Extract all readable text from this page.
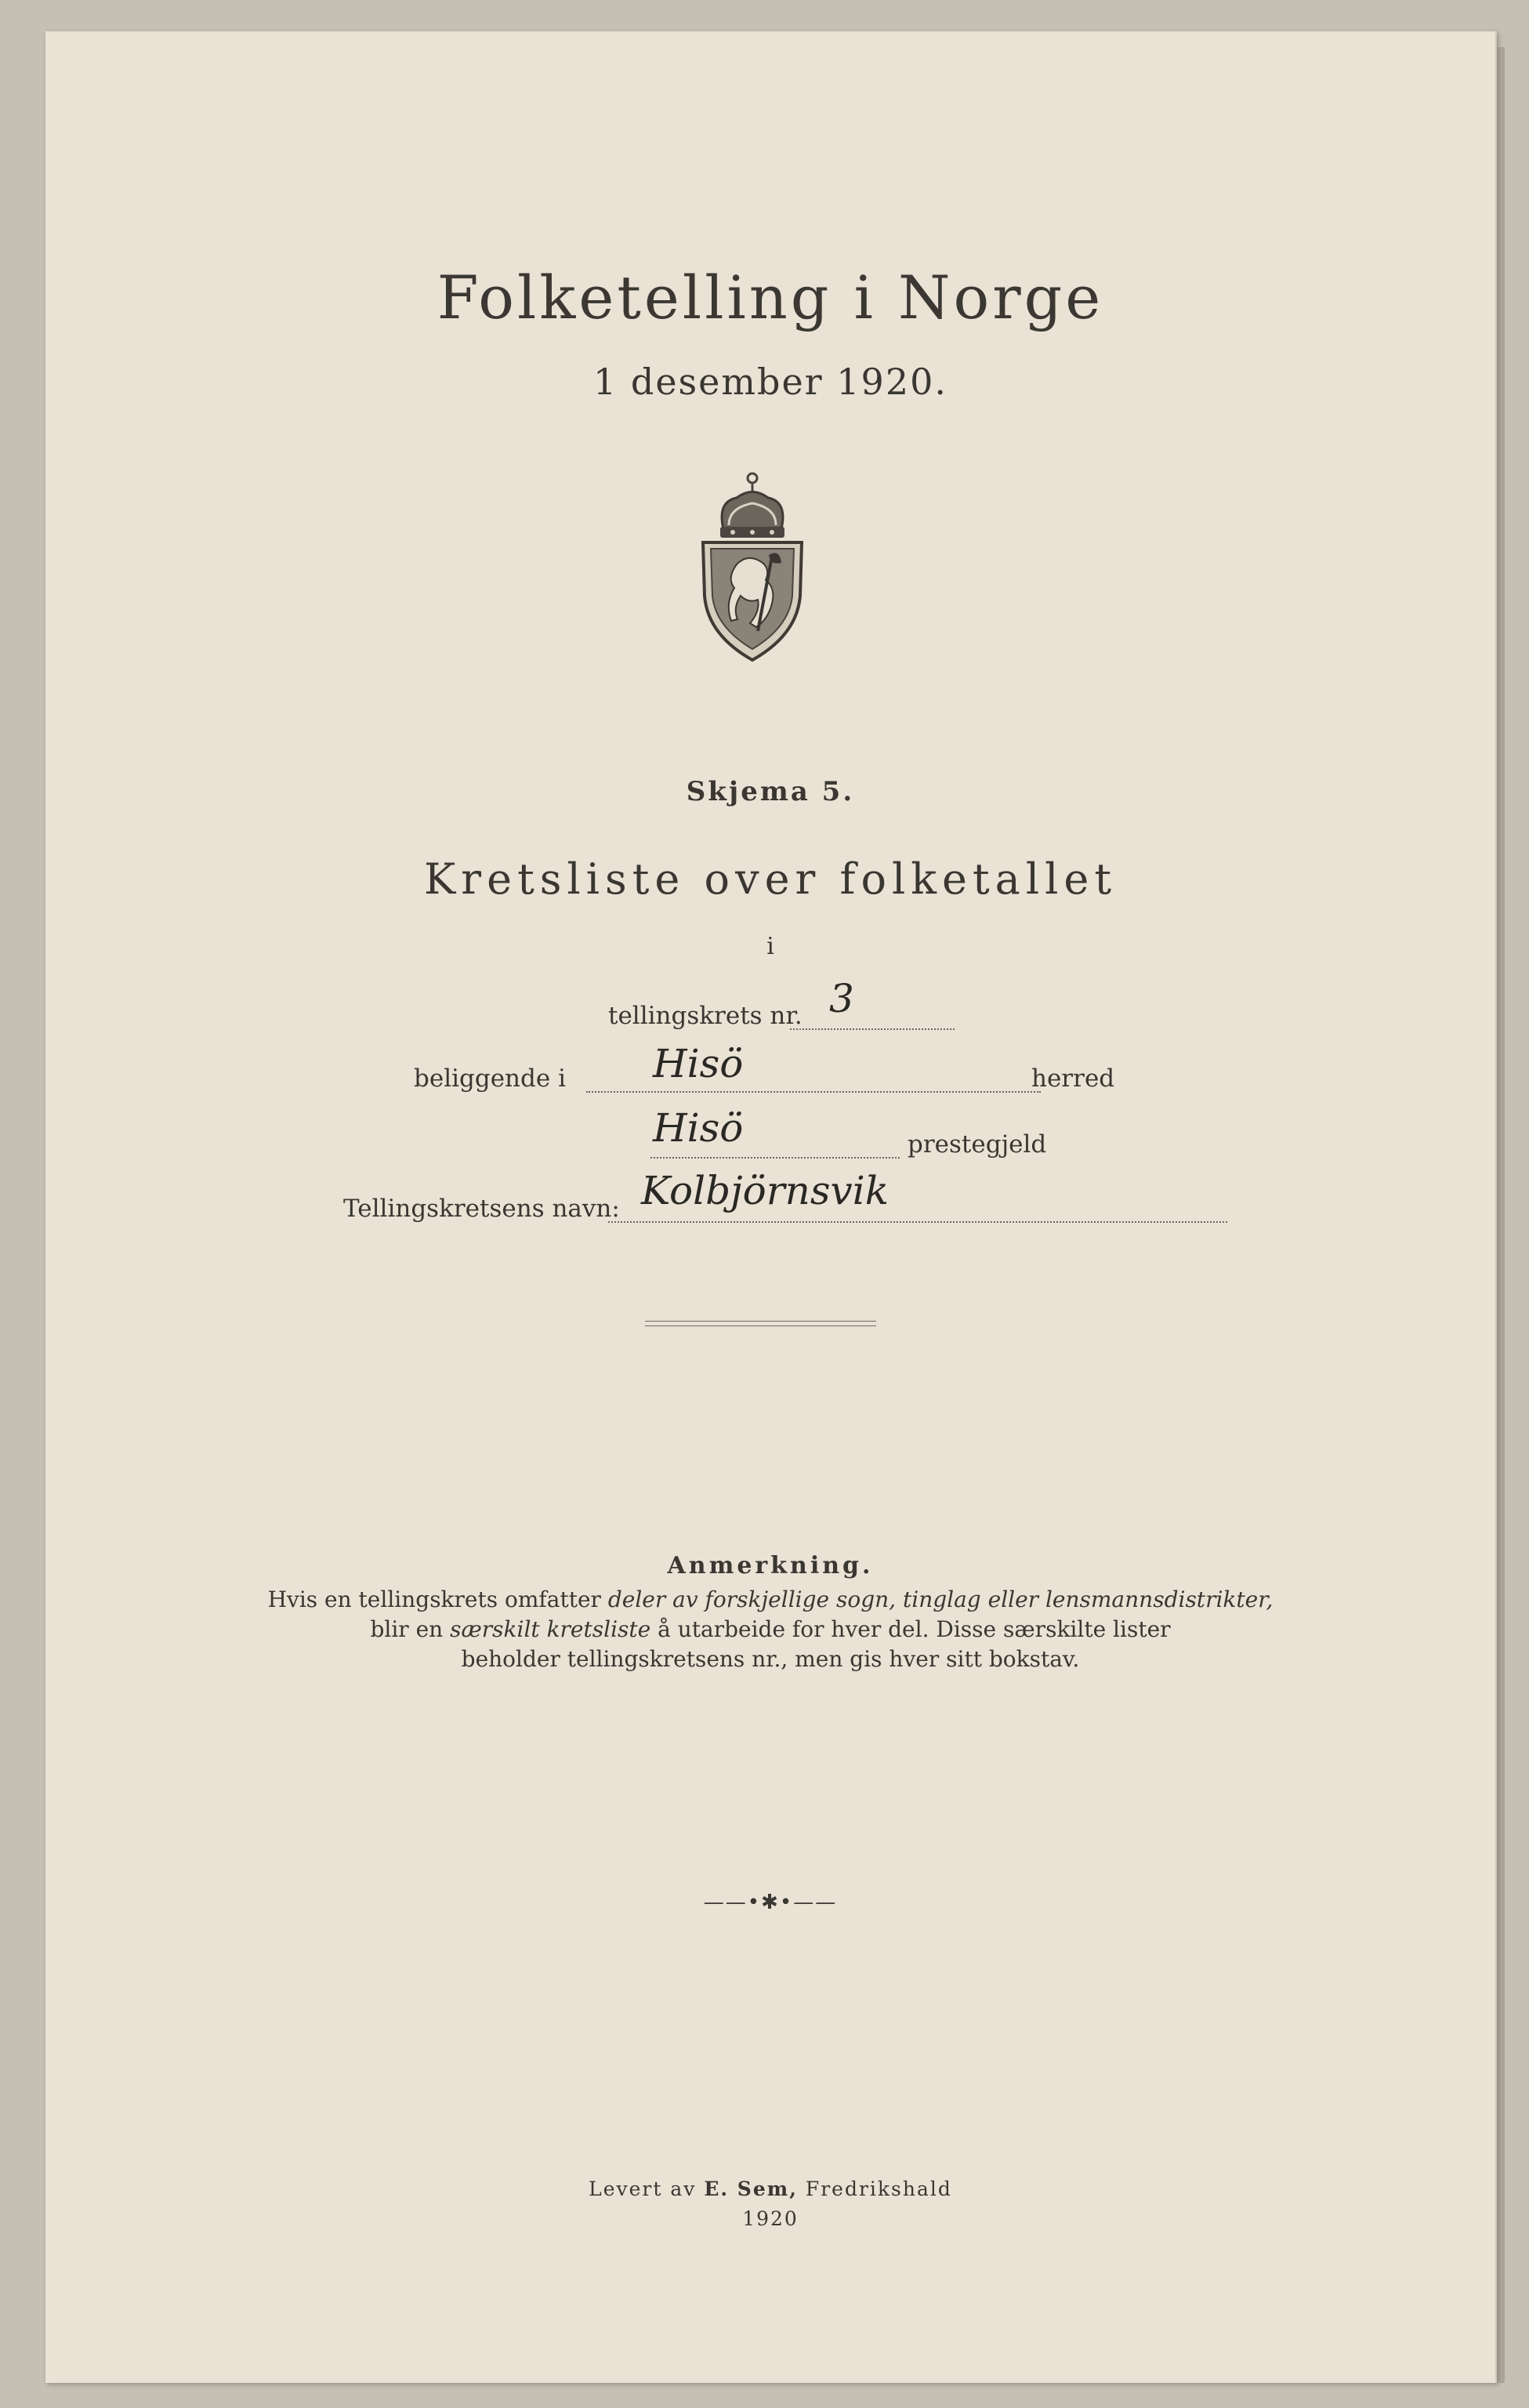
Folketelling i Norge
1 desember 1920.
Skjema 5.
Kretsliste over folketallet
i
tellingskrets nr. 3
beliggende i Hisö	herred
Hisö	prestegjeld
Tellingskretsens navn: Kolbjörnsvik
Anmerkning.
Hvis en tellingskrets omfatter deler av forskjellige sogn, tinglag eller lensmannsdistrikter,
blir en særskilt kretsliste å utarbeide for hver del. Disse særskilte lister
beholder tellingskretsens nr., men gis hver sitt bokstav.
——•✱•——
Levert av E. Sem, Fredrikshald
1920
